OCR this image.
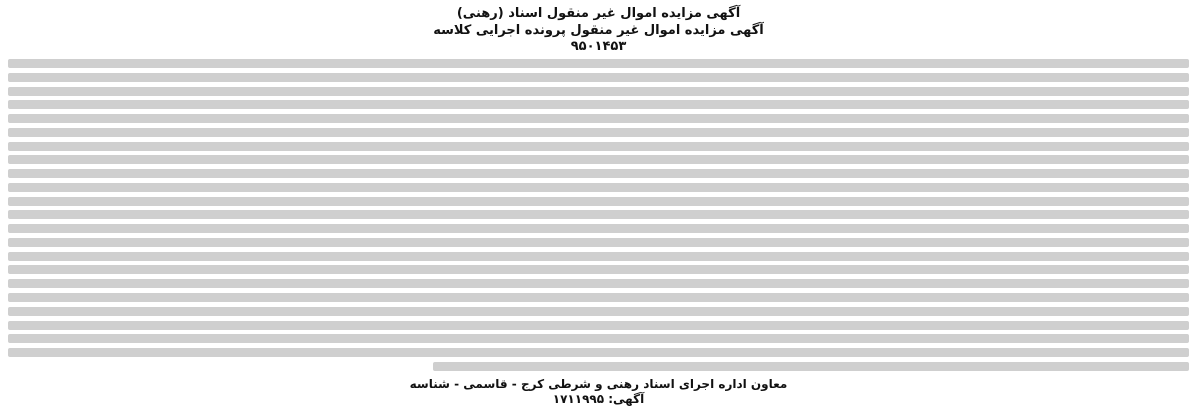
آگهی مزایده اموال غیر منقول اسناد (رهنی)
آگهی مزایده اموال غیر منقول پرونده اجرایی کلاسه
۹۵۰۱۴۵۳
معاون اداره اجرای اسناد رهنی و شرطی کرج - قاسمی - شناسه
آگهی: ۱۷۱۱۹۹۵
